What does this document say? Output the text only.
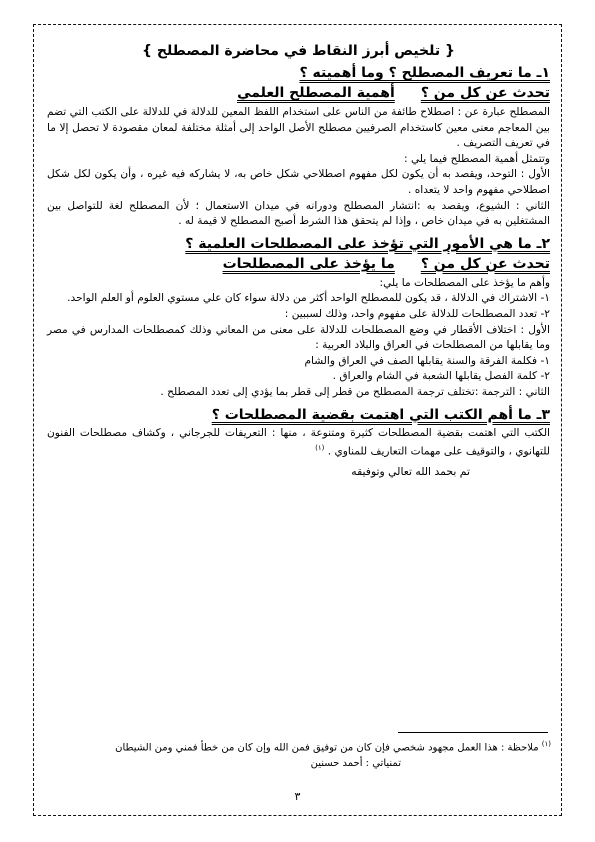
{ تلخيص أبرز النقاط في محاضرة المصطلح }
١ـ ما تعريف المصطلح ؟ وما أهميته ؟
تحدث عن كل من ؟
أهمية المصطلح العلمي

المصطلح عبارة عن : اصطلاح طائفة من الناس على استخدام اللفظ المعين للدلالة في للدلالة على الكتب التي تضم بين المعاجم معنى معين كاستخدام الصرفيين مصطلح الأصل الواحد إلى أمثلة مختلفة لمعان مقصودة لا تحصل إلا ما في تعريف التصريف .

وتتمثل أهمية المصطلح فيما يلي :

الأول : التوحد، ويقصد به أن يكون لكل مفهوم اصطلاحي شكل خاص به، لا يشاركه فيه غيره ، وأن يكون لكل شكل اصطلاحي مفهوم واحد لا يتعداه .

الثاني : الشيوع، ويقصد به :انتشار المصطلح ودورانه في ميدان الاستعمال ؛ لأن المصطلح لغة للتواصل بين المشتغلين به في ميدان خاص ، وإذا لم يتحقق هذا الشرط أصبح المصطلح لا قيمة له .

٢ـ ما هي الأمور التي تؤخذ على المصطلحات العلمية ؟
تحدث عن كل من ؟
ما يؤخذ على المصطلحات

وأهم ما يؤخذ على المصطلحات ما يلي:

١- الاشتراك في الدلالة ، قد يكون للمصطلح الواحد أكثر من دلالة سواء كان علي مستوي العلوم أو العلم الواحد.

٢- تعدد المصطلحات للدلالة على مفهوم واحد، وذلك لسببين :

الأول : اختلاف الأقطار في وضع المصطلحات للدلالة على معنى من المعاني وذلك كمصطلحات المدارس في مصر وما يقابلها من المصطلحات في العراق والبلاد العربية :

١- فكلمة الفرقة والسنة يقابلها الصف في العراق والشام

٢- كلمة الفصل يقابلها الشعبة في الشام والعراق .

الثاني : الترجمة :تختلف ترجمة المصطلح من قطر إلى قطر بما يؤدي إلى تعدد المصطلح .

٣ـ ما أهم الكتب التي اهتمت بقضية المصطلحات ؟

الكتب التي اهتمت بقضية المصطلحات كثيرة ومتنوعة ، منها : التعريفات للجرجاني ، وكشاف مصطلحات الفنون للتهانوي ، والتوقيف على مهمات التعاريف للمناوي . $^{(١)}$

تم بحمد الله تعالي وتوفيقه
$^{(١)}$ ملاحظة : هذا العمل مجهود شخصي فإن كان من توفيق فمن الله وإن كان من خطأ فمني ومن الشيطان
تمنياتي : أحمد حسنين
٣
